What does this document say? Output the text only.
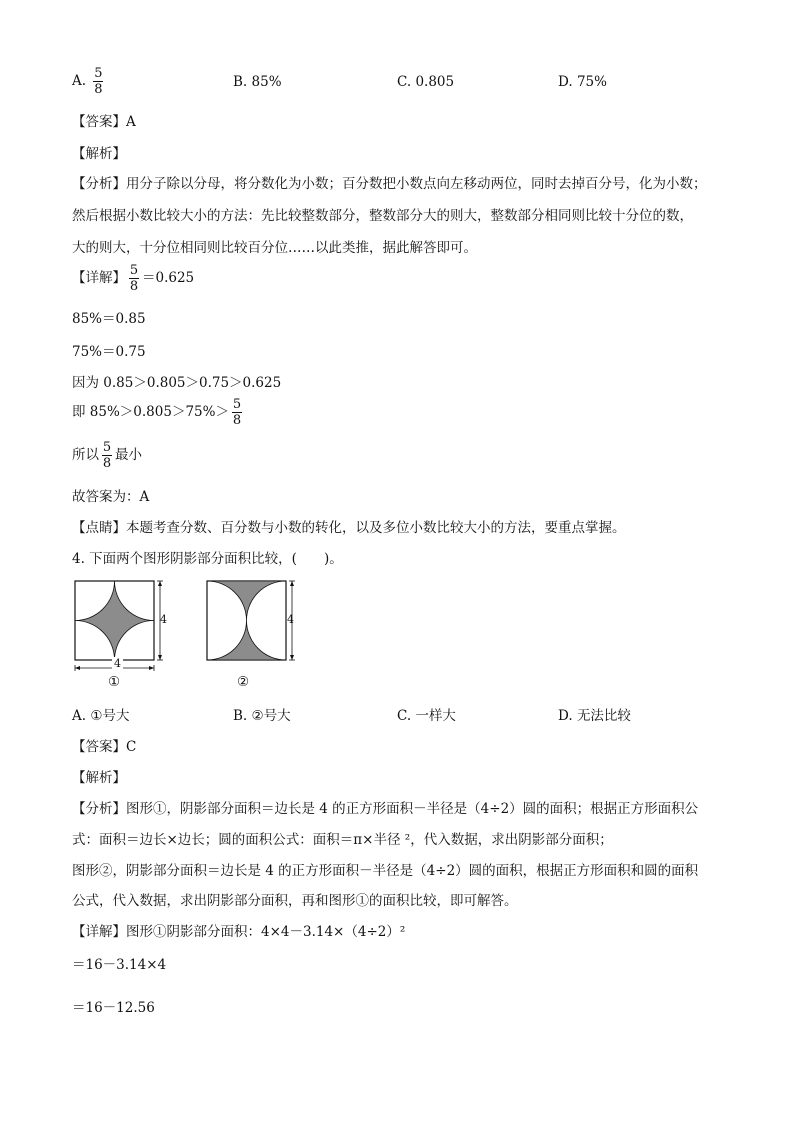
A. $\frac{5}{8}$	B. 85%	C. 0.805	D. 75%
【答案】A
【解析】
【分析】用分子除以分母，将分数化为小数；百分数把小数点向左移动两位，同时去掉百分号，化为小数；
然后根据小数比较大小的方法：先比较整数部分，整数部分大的则大，整数部分相同则比较十分位的数，
大的则大，十分位相同则比较百分位……以此类推，据此解答即可。
【详解】 $\frac{5}{8} =0.625$
85%＝0.85
75%＝0.75
因为 0.85＞0.805＞0.75＞0.625
即 $85\%>0.805>75\%> \frac{5}{8}$
所以 $\frac{5}{8}$ 最小
故答案为：A
【点睛】本题考查分数、百分数与小数的转化，以及多位小数比较大小的方法，要重点掌握。
4. 下面两个图形阴影部分面积比较，(　　)。
4
4
4
①	②
A. ①号大	B. ②号大	C. 一样大	D. 无法比较
【答案】C
【解析】
【分析】图形①，阴影部分面积＝边长是 4 的正方形面积－半径是（4÷2）圆的面积；根据正方形面积公
式：面积＝边长×边长；圆的面积公式：面积＝π×半径 ²，代入数据，求出阴影部分面积；
图形②，阴影部分面积＝边长是 4 的正方形面积－半径是（4÷2）圆的面积，根据正方形面积和圆的面积
公式，代入数据，求出阴影部分面积，再和图形①的面积比较，即可解答。
【详解】图形①阴影部分面积：4×4－3.14×（4÷2）²
＝16－3.14×4
＝16－12.56
